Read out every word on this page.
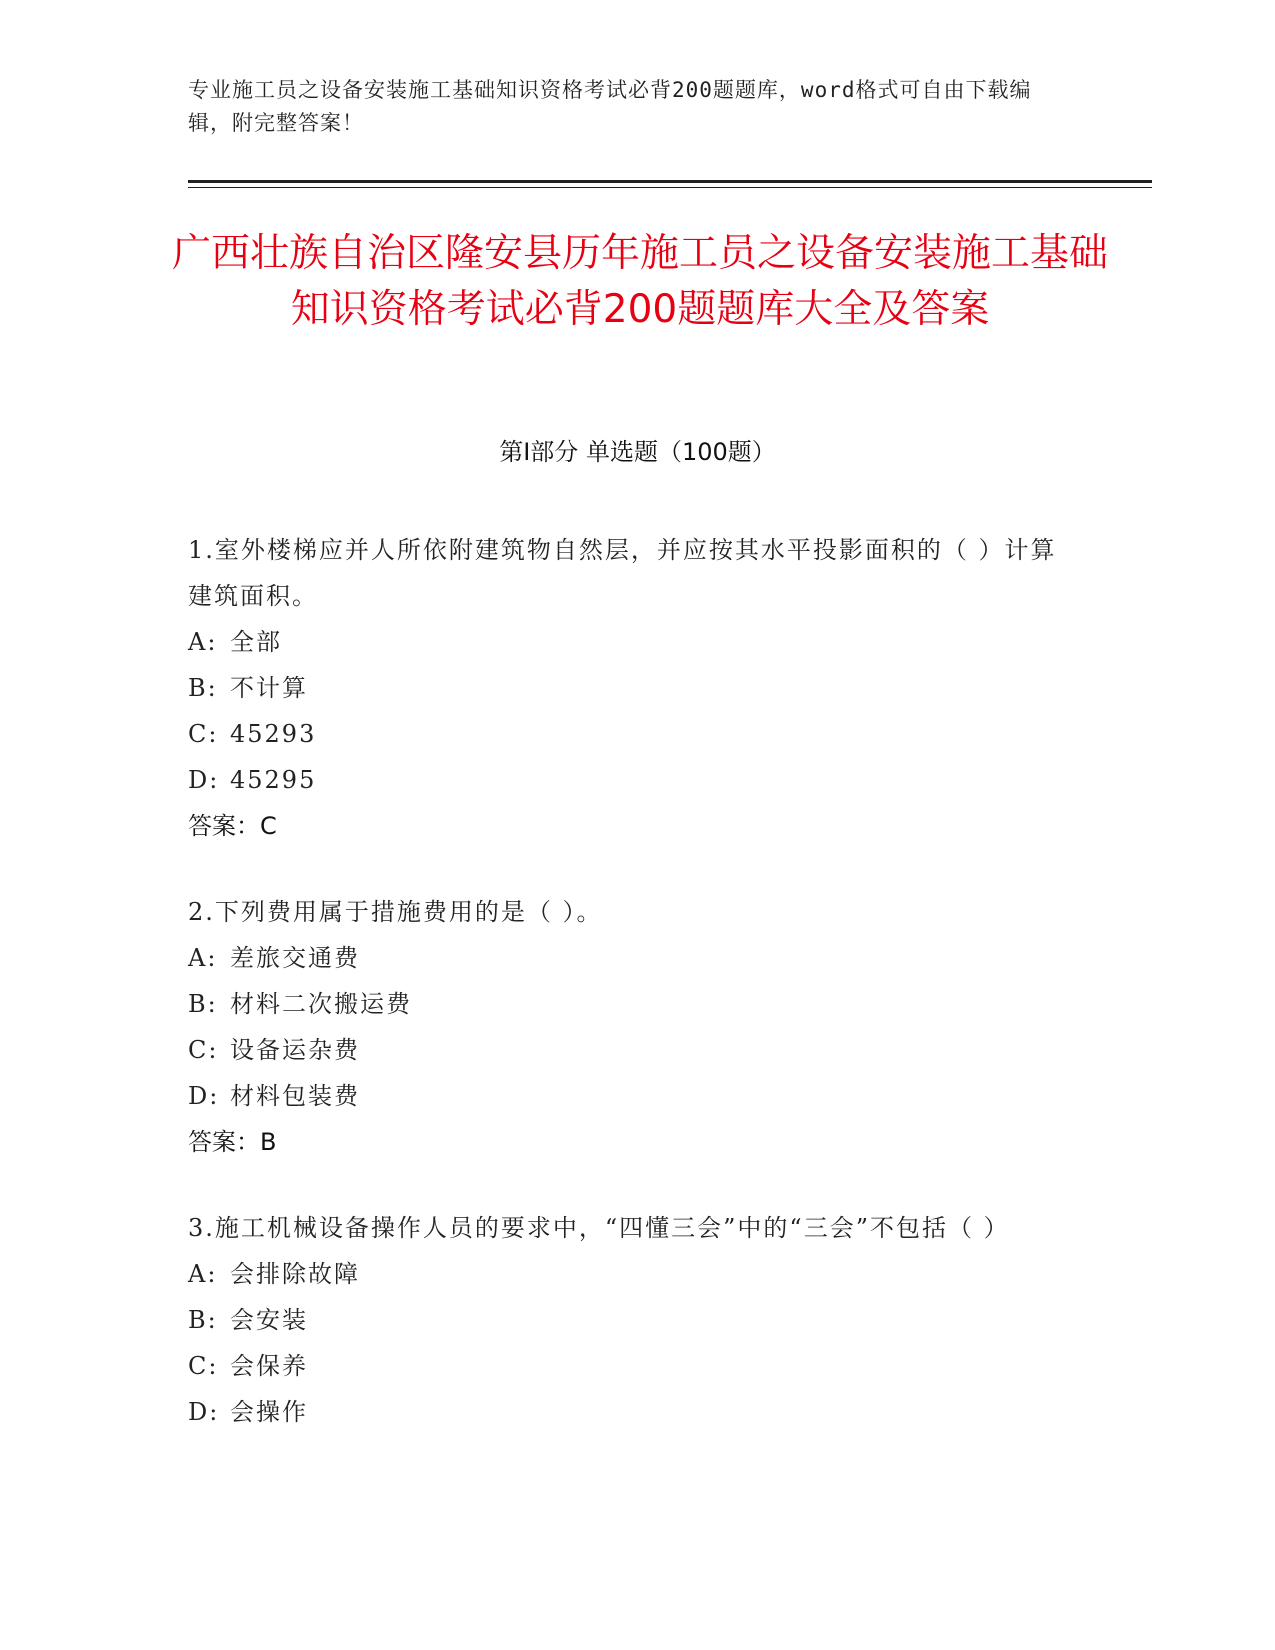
专业施工员之设备安装施工基础知识资格考试必背200题题库，word格式可自由下载编辑，附完整答案！
广西壮族自治区隆安县历年施工员之设备安装施工基础知识资格考试必背200题题库大全及答案
第Ⅰ部分 单选题（100题）
1.室外楼梯应并人所依附建筑物自然层，并应按其水平投影面积的（ ）计算建筑面积。
A: 全部
B: 不计算
C: 45293
D: 45295
答案：C
2.下列费用属于措施费用的是（ ）。
A: 差旅交通费
B: 材料二次搬运费
C: 设备运杂费
D: 材料包装费
答案：B
3.施工机械设备操作人员的要求中，“四懂三会”中的“三会”不包括（ ）
A: 会排除故障
B: 会安装
C: 会保养
D: 会操作
